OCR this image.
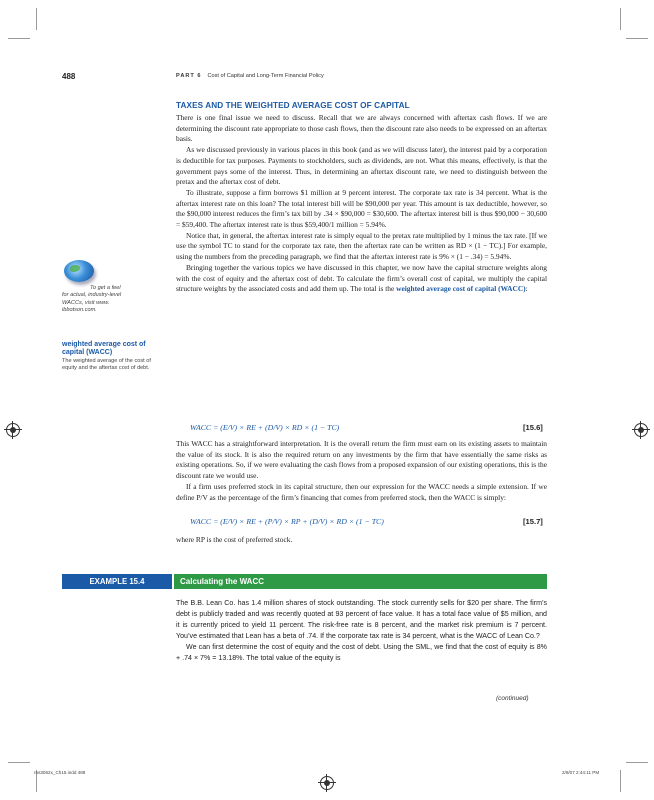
488	PART 6 Cost of Capital and Long-Term Financial Policy
TAXES AND THE WEIGHTED AVERAGE COST OF CAPITAL

There is one final issue we need to discuss. Recall that we are always concerned with aftertax cash flows. If we are determining the discount rate appropriate to those cash flows, then the discount rate also needs to be expressed on an aftertax basis.

As we discussed previously in various places in this book (and as we will discuss later), the interest paid by a corporation is deductible for tax purposes. Payments to stockholders, such as dividends, are not. What this means, effectively, is that the government pays some of the interest. Thus, in determining an aftertax discount rate, we need to distinguish between the pretax and the aftertax cost of debt.

To illustrate, suppose a firm borrows $1 million at 9 percent interest. The corporate tax rate is 34 percent. What is the aftertax interest rate on this loan? The total interest bill will be $90,000 per year. This amount is tax deductible, however, so the $90,000 interest reduces the firm’s tax bill by .34 × $90,000 = $30,600. The aftertax interest bill is thus $90,000 − 30,600 = $59,400. The aftertax interest rate is thus $59,400/1 million = 5.94%.

Notice that, in general, the aftertax interest rate is simply equal to the pretax rate multiplied by 1 minus the tax rate. [If we use the symbol TC to stand for the corporate tax rate, then the aftertax rate can be written as RD × (1 − TC).] For example, using the numbers from the preceding paragraph, we find that the aftertax interest rate is 9% × (1 − .34) = 5.94%.

Bringing together the various topics we have discussed in this chapter, we now have the capital structure weights along with the cost of equity and the aftertax cost of debt. To calculate the firm’s overall cost of capital, we multiply the capital structure weights by the associated costs and add them up. The total is the weighted average cost of capital (WACC):

WACC = (E/V) × RE + (D/V) × RD × (1 − TC)	[15.6]

This WACC has a straightforward interpretation. It is the overall return the firm must earn on its existing assets to maintain the value of its stock. It is also the required return on any investments by the firm that have essentially the same risks as existing operations. So, if we were evaluating the cash flows from a proposed expansion of our existing operations, this is the discount rate we would use.

If a firm uses preferred stock in its capital structure, then our expression for the WACC needs a simple extension. If we define P/V as the percentage of the firm’s financing that comes from preferred stock, then the WACC is simply:

WACC = (E/V) × RE + (P/V) × RP + (D/V) × RD × (1 − TC)	[15.7]

where RP is the cost of preferred stock.

To get a feel
for actual, industry-level
WACCs, visit www.
ibbotson.com.
weighted average cost of capital (WACC)
The weighted average of the cost of equity and the aftertax cost of debt.
EXAMPLE 15.4	Calculating the WACC

The B.B. Lean Co. has 1.4 million shares of stock outstanding. The stock currently sells for $20 per share. The firm’s debt is publicly traded and was recently quoted at 93 percent of face value. It has a total face value of $5 million, and it is currently priced to yield 11 percent. The risk-free rate is 8 percent, and the market risk premium is 7 percent. You’ve estimated that Lean has a beta of .74. If the corporate tax rate is 34 percent, what is the WACC of Lean Co.?

We can first determine the cost of equity and the cost of debt. Using the SML, we find that the cost of equity is 8% + .74 × 7% = 13.18%. The total value of the equity is

(continued)
ros3062x_Ch15.indd 488	2/8/07 2:44:11 PM
